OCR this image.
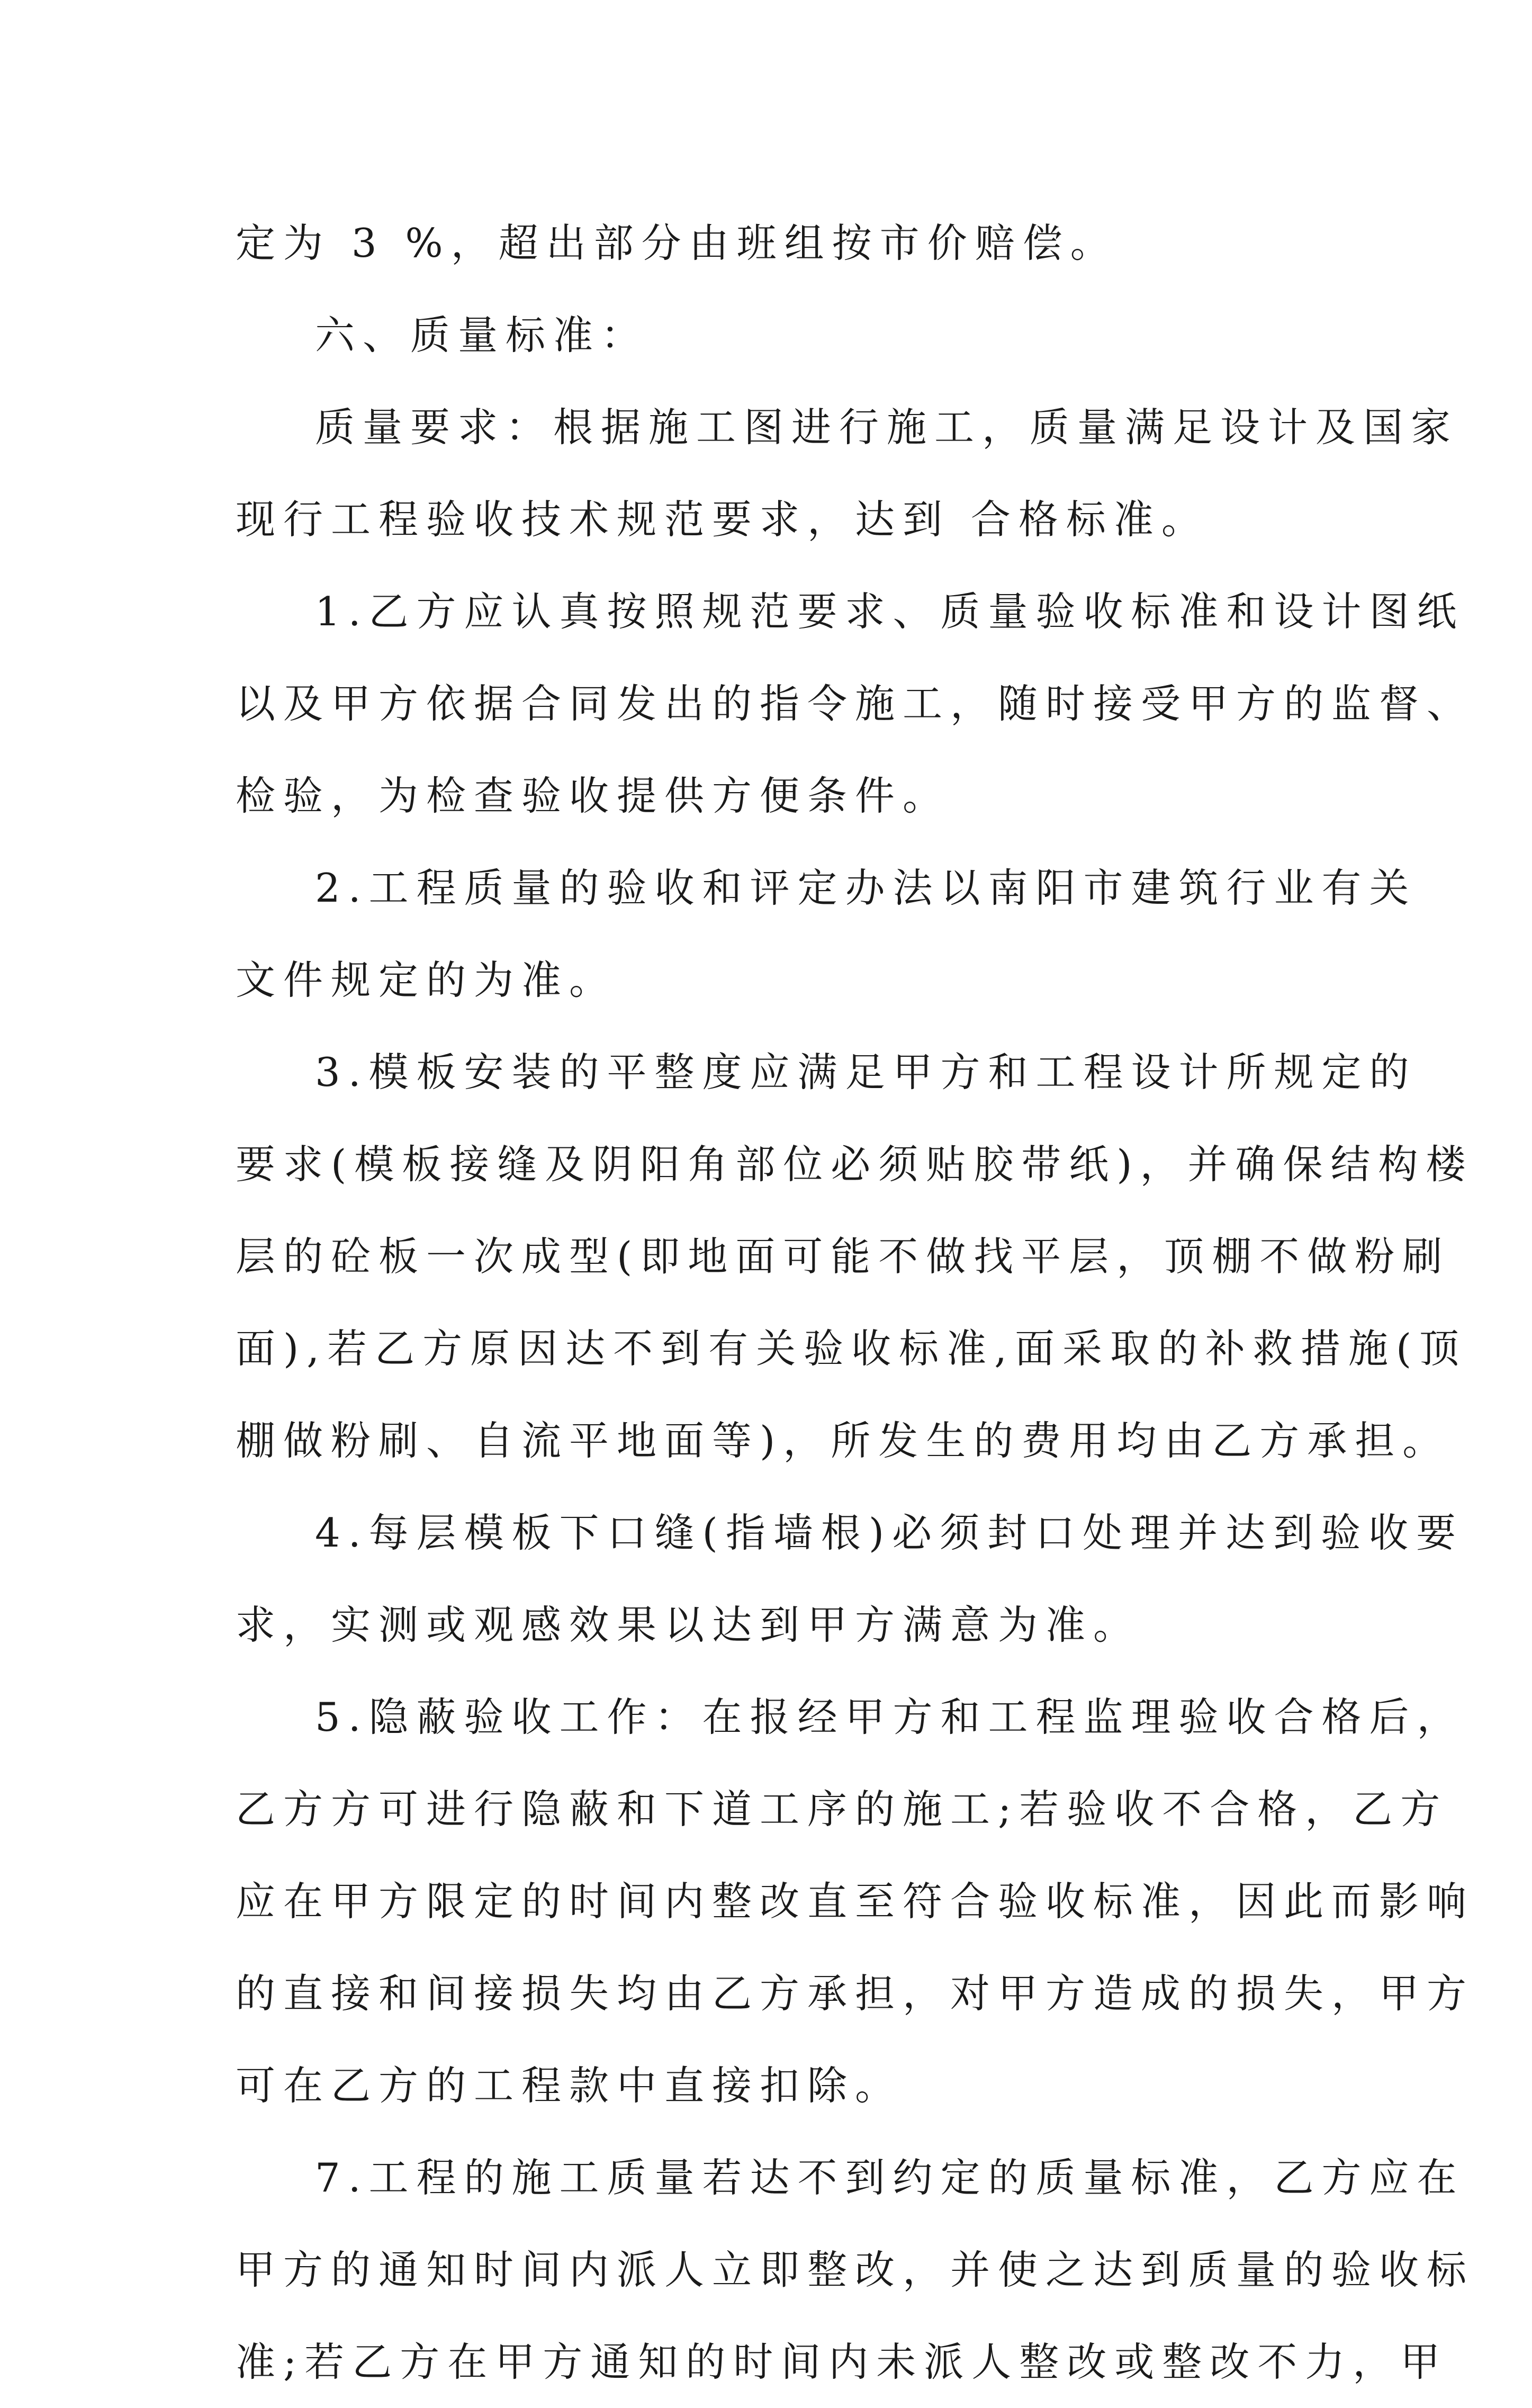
定为 3 %，超出部分由班组按市价赔偿。
六、质量标准：
质量要求：根据施工图进行施工，质量满足设计及国家
现行工程验收技术规范要求，达到 合格标准。
1.乙方应认真按照规范要求、质量验收标准和设计图纸
以及甲方依据合同发出的指令施工，随时接受甲方的监督、
检验，为检查验收提供方便条件。
2.工程质量的验收和评定办法以南阳市建筑行业有关
文件规定的为准。
3.模板安装的平整度应满足甲方和工程设计所规定的
要求(模板接缝及阴阳角部位必须贴胶带纸)，并确保结构楼
层的砼板一次成型(即地面可能不做找平层，顶棚不做粉刷
面),若乙方原因达不到有关验收标准,面采取的补救措施(顶
棚做粉刷、自流平地面等)，所发生的费用均由乙方承担。
4.每层模板下口缝(指墙根)必须封口处理并达到验收要
求，实测或观感效果以达到甲方满意为准。
5.隐蔽验收工作：在报经甲方和工程监理验收合格后，
乙方方可进行隐蔽和下道工序的施工;若验收不合格，乙方
应在甲方限定的时间内整改直至符合验收标准，因此而影响
的直接和间接损失均由乙方承担，对甲方造成的损失，甲方
可在乙方的工程款中直接扣除。
7.工程的施工质量若达不到约定的质量标准，乙方应在
甲方的通知时间内派人立即整改，并使之达到质量的验收标
准;若乙方在甲方通知的时间内未派人整改或整改不力，甲
